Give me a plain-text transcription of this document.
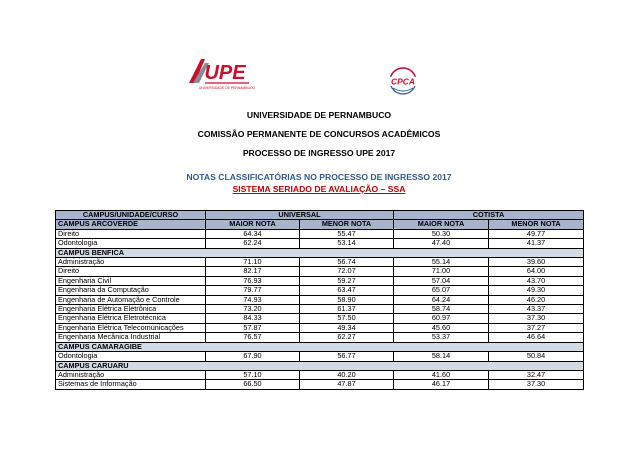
UPE
UNIVERSIDADE DE PERNAMBUCO
CPCA
UNIVERSIDADE DE PERNAMBUCO
COMISSÃO PERMANENTE DE CONCURSOS ACADÊMICOS
PROCESSO DE INGRESSO UPE 2017
NOTAS CLASSIFICATÓRIAS NO PROCESSO DE INGRESSO 2017
SISTEMA SERIADO DE AVALIAÇÃO – SSA
CAMPUS/UNIDADE/CURSO	UNIVERSAL		COTISTA	
CAMPUS ARCOVERDE	MAIOR NOTA	MENOR NOTA	MAIOR NOTA	MENOR NOTA
Direito	64.34	55.47	50.30	49.77
Odontologia	62.24	53.14	47.40	41.37
CAMPUS BENFICA				
Administração	71.10	56.74	55.14	39.60
Direito	82.17	72.07	71.00	64.00
Engenharia Civil	76.93	59.27	57.04	43.70
Engenharia da Computação	79.77	63.47	65.07	49.30
Engenharia de Automação e Controle	74.93	58.90	64.24	46.20
Engenharia Elétrica Eletrônica	73.20	61.37	58.74	43.37
Engenharia Elétrica Eletrotécnica	84.33	57.50	60.97	37.30
Engenharia Elétrica Telecomunicações	57.87	49.34	45.60	37.27
Engenharia Mecânica Industrial	76.57	62.27	53.37	46.64
CAMPUS CAMARAGIBE				
Odontologia	67.90	56.77	58.14	50.84
CAMPUS CARUARU				
Administração	57.10	40.20	41.60	32.47
Sistemas de Informação	66.50	47.87	46.17	37.30
